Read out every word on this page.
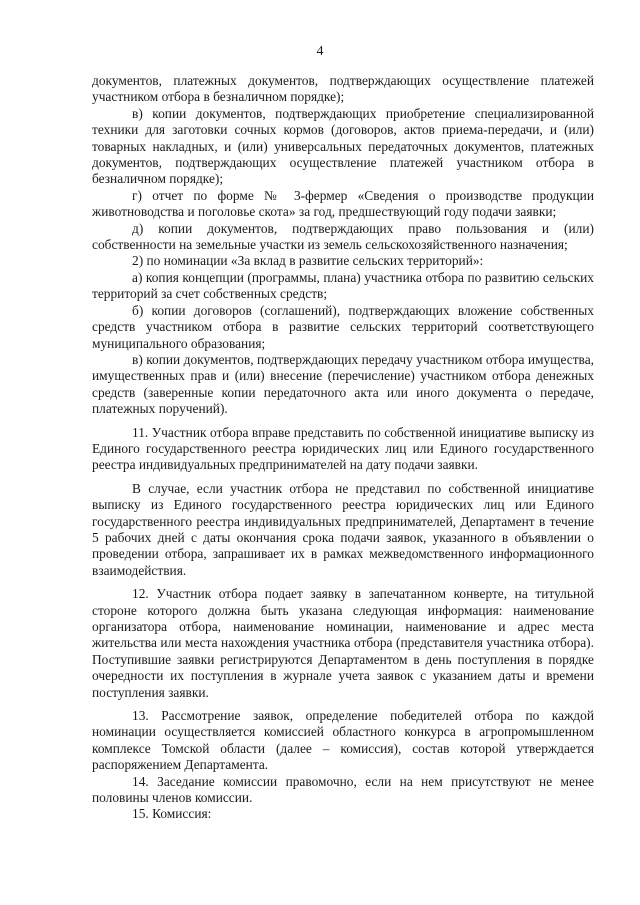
4

документов, платежных документов, подтверждающих осуществление платежей участником отбора в безналичном порядке);

в) копии документов, подтверждающих приобретение специализированной техники для заготовки сочных кормов (договоров, актов приема-передачи, и (или) товарных накладных, и (или) универсальных передаточных документов, платежных документов, подтверждающих осуществление платежей участником отбора в безналичном порядке);

г) отчет по форме № 3-фермер «Сведения о производстве продукции животноводства и поголовье скота» за год, предшествующий году подачи заявки;

д) копии документов, подтверждающих право пользования и (или) собственности на земельные участки из земель сельскохозяйственного назначения;

2) по номинации «За вклад в развитие сельских территорий»:

а) копия концепции (программы, плана) участника отбора по развитию сельских территорий за счет собственных средств;

б) копии договоров (соглашений), подтверждающих вложение собственных средств участником отбора в развитие сельских территорий соответствующего муниципального образования;

в) копии документов, подтверждающих передачу участником отбора имущества, имущественных прав и (или) внесение (перечисление) участником отбора денежных средств (заверенные копии передаточного акта или иного документа о передаче, платежных поручений).

11. Участник отбора вправе представить по собственной инициативе выписку из Единого государственного реестра юридических лиц или Единого государственного реестра индивидуальных предпринимателей на дату подачи заявки.

В случае, если участник отбора не представил по собственной инициативе выписку из Единого государственного реестра юридических лиц или Единого государственного реестра индивидуальных предпринимателей, Департамент в течение 5 рабочих дней с даты окончания срока подачи заявок, указанного в объявлении о проведении отбора, запрашивает их в рамках межведомственного информационного взаимодействия.

12. Участник отбора подает заявку в запечатанном конверте, на титульной стороне которого должна быть указана следующая информация: наименование организатора отбора, наименование номинации, наименование и адрес места жительства или места нахождения участника отбора (представителя участника отбора). Поступившие заявки регистрируются Департаментом в день поступления в порядке очередности их поступления в журнале учета заявок с указанием даты и времени поступления заявки.

13. Рассмотрение заявок, определение победителей отбора по каждой номинации осуществляется комиссией областного конкурса в агропромышленном комплексе Томской области (далее – комиссия), состав которой утверждается распоряжением Департамента.

14. Заседание комиссии правомочно, если на нем присутствуют не менее половины членов комиссии.

15. Комиссия:
